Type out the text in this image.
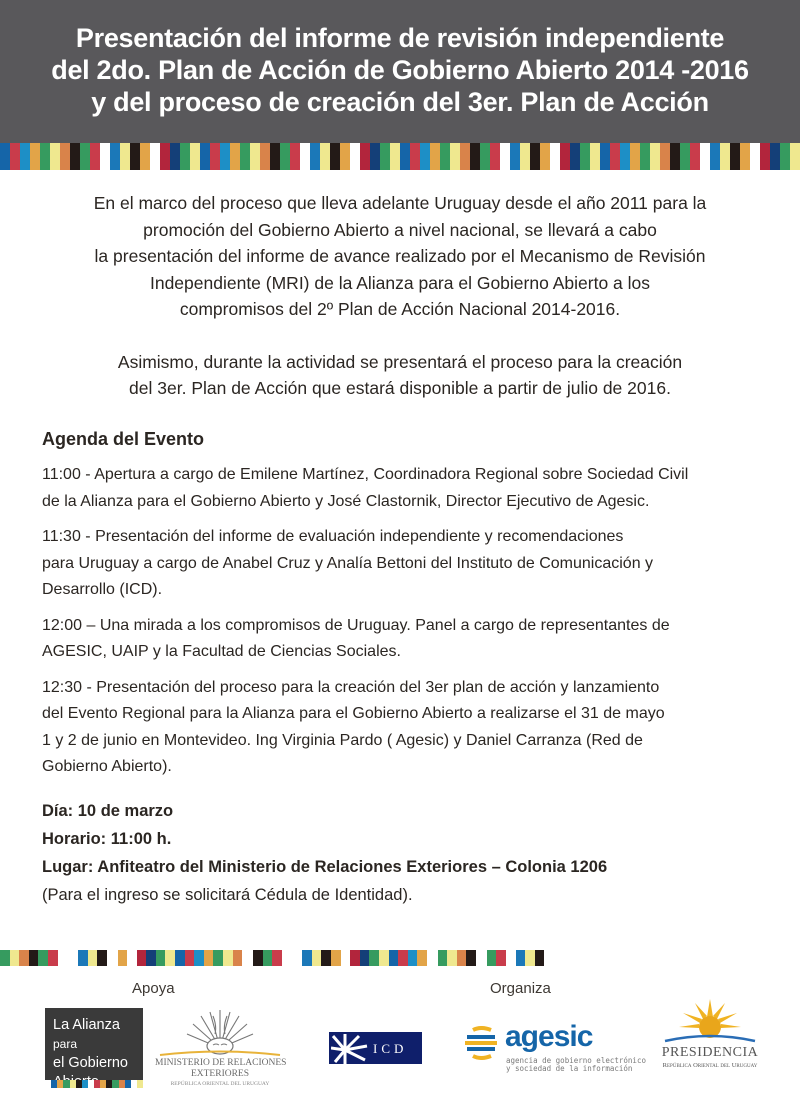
Presentación del informe de revisión independiente
del 2do. Plan de Acción de Gobierno Abierto 2014 -2016
y del proceso de creación del 3er. Plan de Acción
En el marco del proceso que lleva adelante Uruguay desde el año 2011 para la
promoción del Gobierno Abierto a nivel nacional, se llevará a cabo
la presentación del informe de avance realizado por el Mecanismo de Revisión
Independiente (MRI) de la Alianza para el Gobierno Abierto a los
compromisos del 2º Plan de Acción Nacional 2014-2016.
Asimismo, durante la actividad se presentará el proceso para la creación
del 3er. Plan de Acción que estará disponible a partir de julio de 2016.
Agenda del Evento
11:00 - Apertura a cargo de Emilene Martínez, Coordinadora Regional sobre Sociedad Civil
de la Alianza para el Gobierno Abierto y José Clastornik, Director Ejecutivo de Agesic.
11:30 - Presentación del informe de evaluación independiente y recomendaciones
para Uruguay a cargo de Anabel Cruz y Analía Bettoni del Instituto de Comunicación y
Desarrollo (ICD).
12:00 – Una mirada a los compromisos de Uruguay. Panel a cargo de representantes de
AGESIC, UAIP y la Facultad de Ciencias Sociales.
12:30 - Presentación del proceso para la creación del 3er plan de acción y lanzamiento
del Evento Regional para la Alianza para el Gobierno Abierto a realizarse el 31 de mayo
1 y 2 de junio en Montevideo. Ing Virginia Pardo ( Agesic) y Daniel Carranza (Red de
Gobierno Abierto).
Día: 10 de marzo
Horario: 11:00 h.
Lugar: Anfiteatro del Ministerio de Relaciones Exteriores – Colonia 1206
(Para el ingreso se solicitará Cédula de Identidad).
Apoya	Organiza
La Alianza para
el Gobierno	MINISTERIO DE RELACIONES
EXTERIORES
REPÚBLICA ORIENTAL DEL URUGUAY
ICD	agesic
agencia de gobierno electrónico
y sociedad de la información
PRESIDENCIA
República Oriental del Uruguay
